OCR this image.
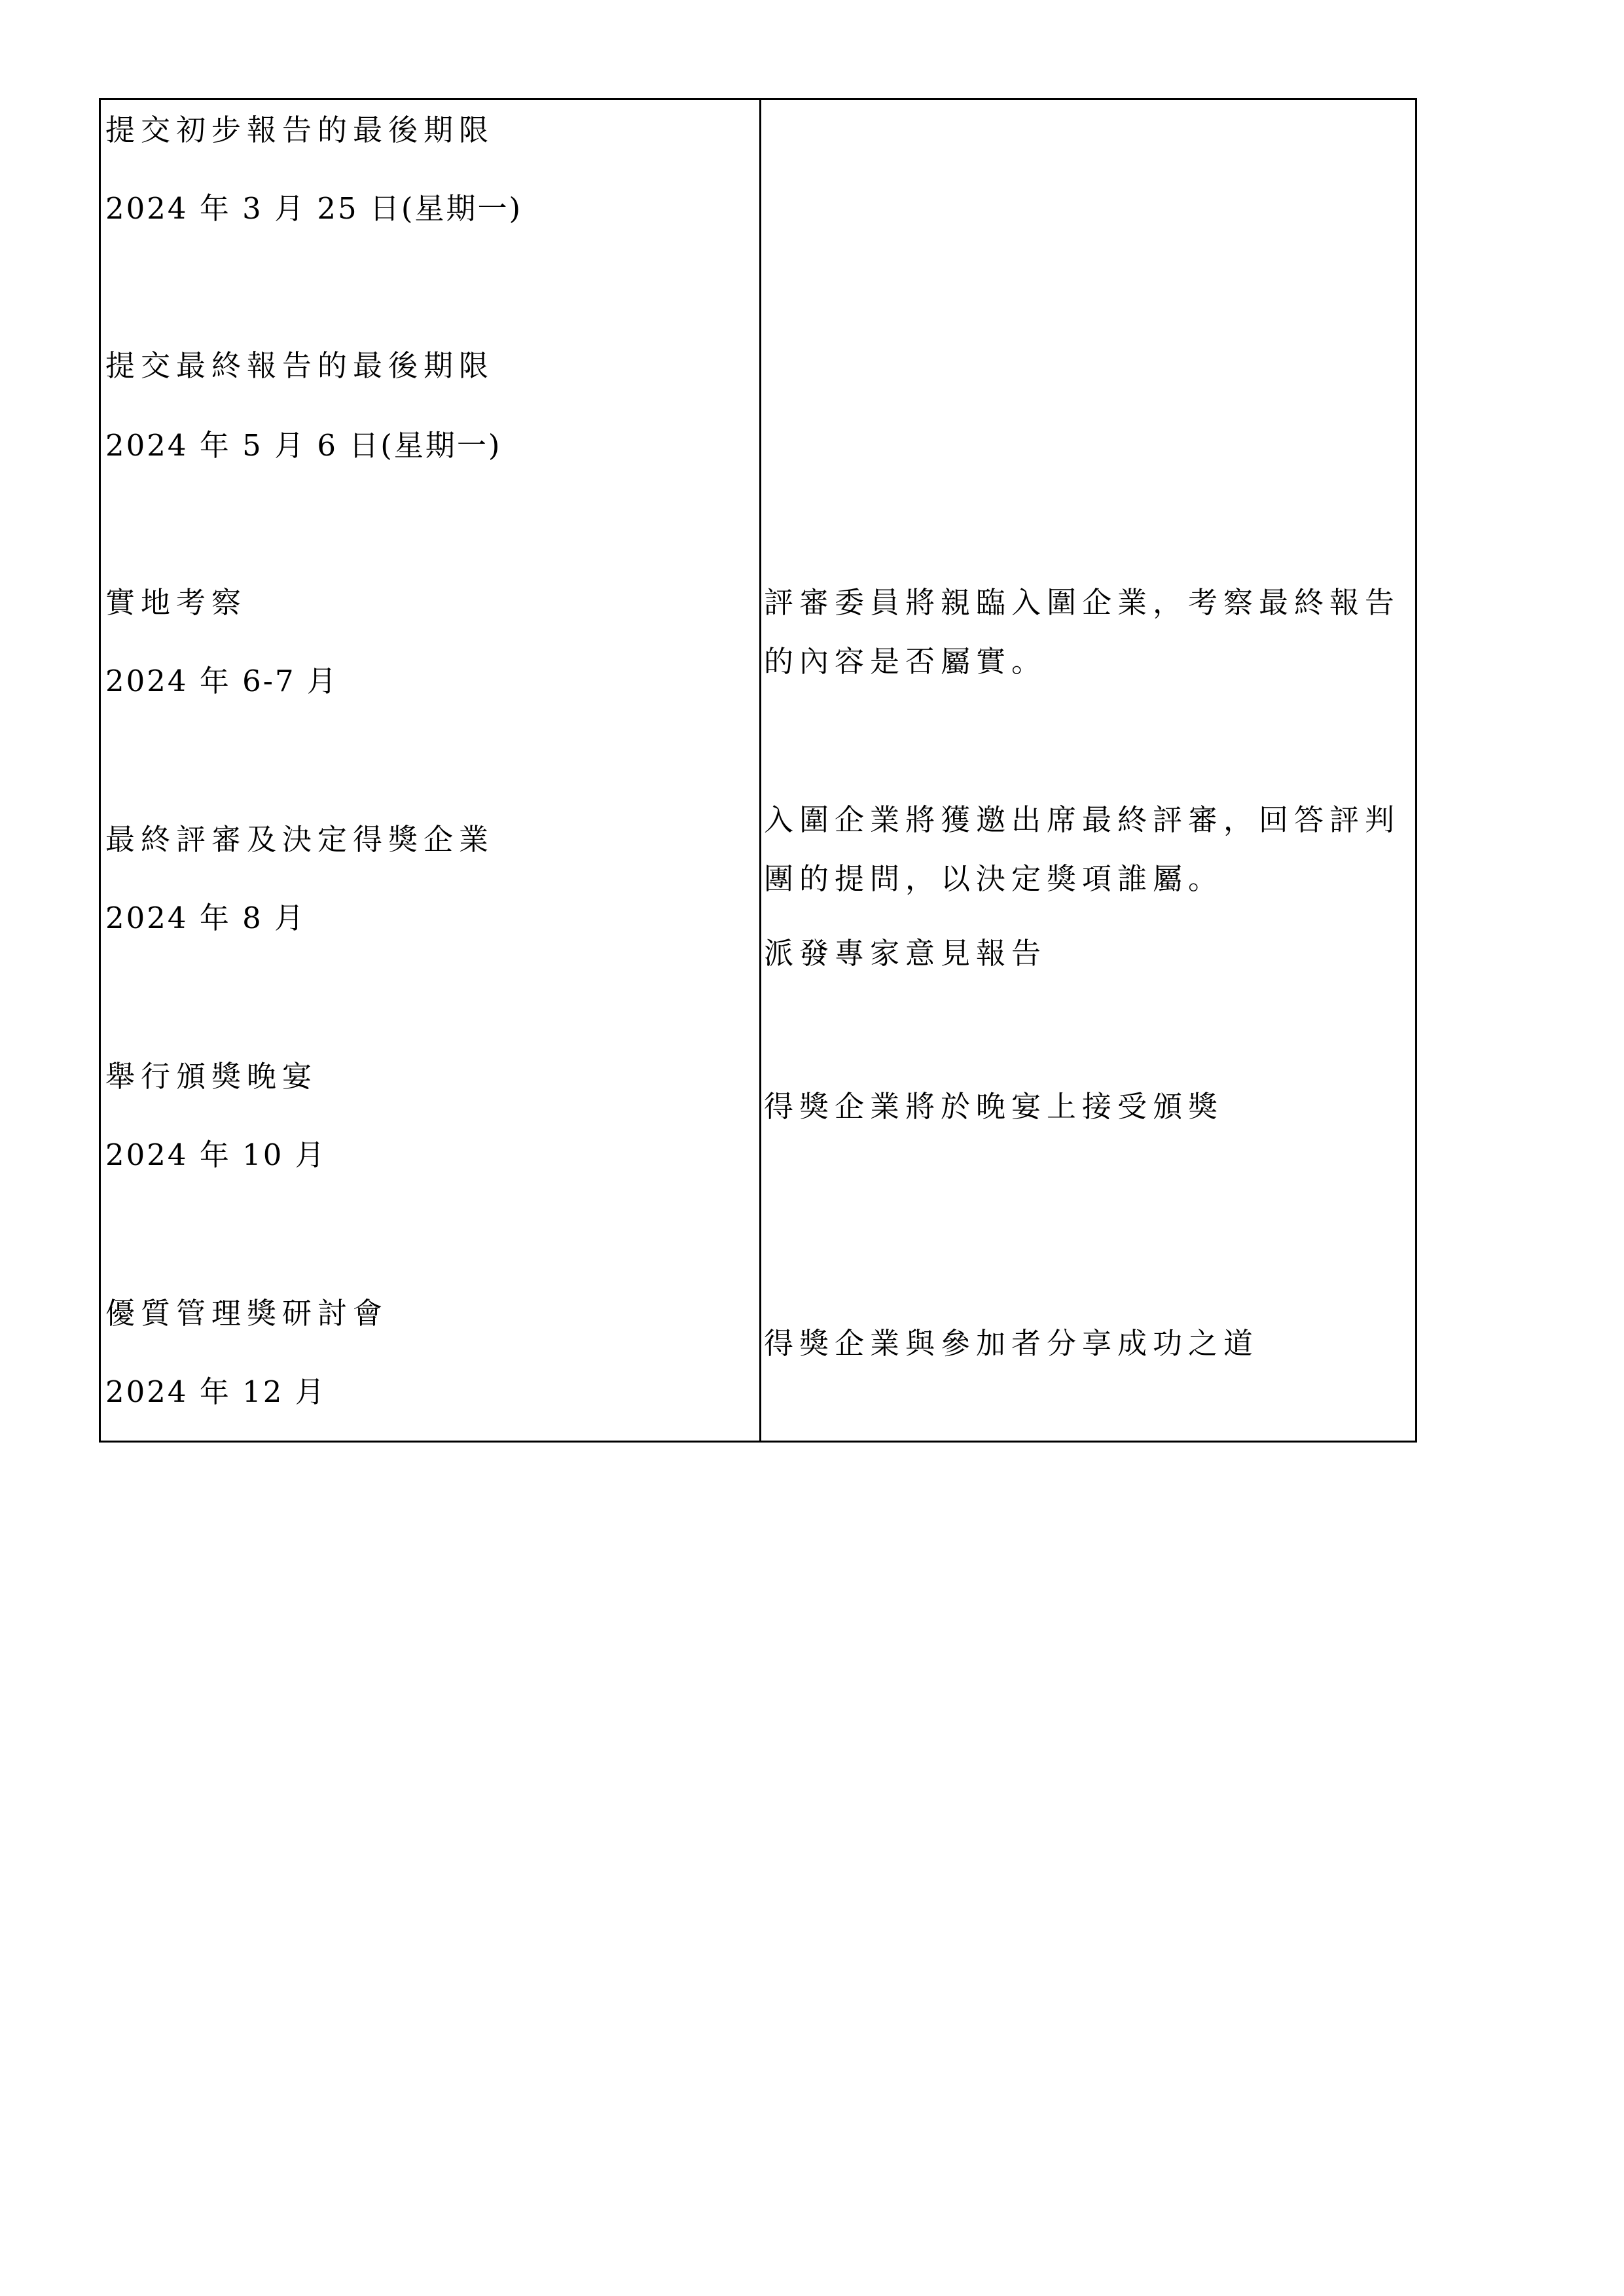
提交初步報告的最後期限
2024 年 3 月 25 日(星期一)
提交最終報告的最後期限
2024 年 5 月 6 日(星期一)
實地考察
2024 年 6-7 月
評審委員將親臨入圍企業，考察最終報告
的內容是否屬實。
最終評審及決定得獎企業
2024 年 8 月
入圍企業將獲邀出席最終評審，回答評判
團的提問，以決定獎項誰屬。
派發專家意見報告
舉行頒獎晚宴
2024 年 10 月
得獎企業將於晚宴上接受頒獎
優質管理獎研討會
2024 年 12 月
得獎企業與參加者分享成功之道
